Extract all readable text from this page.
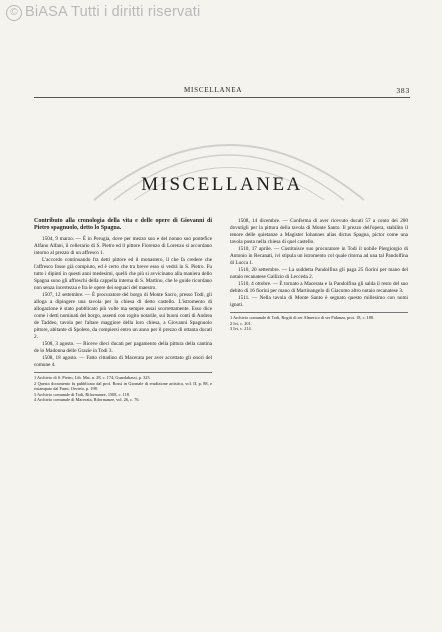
© BiASA Tutti i diritti riservati
MISCELLANEA	383
MISCELLANEA

Contributo alla cronologia della vita e delle opere di Giovanni di Pietro spagnuolo, detto lo Spagna.

1504, 9 marzo. — È in Perugia, dove per mezzo suo e del nonno suo pontefice Alfano Alfani, il cellerario di S. Pietro ed il pittore Fiorenzo di Lorenzo si accordano intorno al prezzo di un affresco 1.

L'accordo continuando fra detti pittore ed il monastero, il che fa credere che l'affresco fosse già compiuto, ed è certo che tra breve esso si vedrà in S. Pietro. Fu tutto i dipinti in questi anni medesimi, quelli che più si avvicinano alla maniera dello Spagna sono gli affreschi della cappella interna di S. Martino, che le guide ricordano non senza incertezza e fra le opere dei seguaci del maestro.

1507, 12 settembre. — È procuratore del borgo di Monte Sacro, presso Todi, gli alloga a dipingere una tavola per la chiesa di detto castello. L'istromento di allogazione è stato pubblicato più volte ma sempre assai scorrettamente. Esso dice come i detti nominati del borgo, assenti con rogito notarile, sui buoni conti di Andrea de Taddeo, tavola per l'altare maggiore della loro chiesa, a Giovanni Spagnuolo pittore, abitante di Spoleto, da compiersi entro un anno per il prezzo di ottanta ducati 2.

1508, 3 agosto. — Riceve dieci ducati per pagamento della pittura della cantina de lo Madonna delle Grazie in Todi 3.

1508, 18 agosto. — Fatto cittadino di Macerata per aver accettato gli onori del comune 4.

1 Archivio di S. Pietro, Lib. Mat. n. 28, c. 174; Guardabassi, p. 323.

2 Questo documento fu pubblicato dal prof. Rossi in Giornale di erudizione artistica, vol. II, p. 88, e ristampato dal Fumi, Orvieto, p. 198.

3 Archivio comunale di Todi, Riformanze, 1508, c. 118.

4 Archivio comunale di Macerata, Riformanze, vol. 26, c. 76.

1508, 14 dicembre. — Conferma di aver ricevuto ducati 57 a conto dei 200 dovutigli per la pittura della tavola di Monte Santo. Il prezzo dell'opera, stabilito il tenore delle quietanze a Magister Iohannes alias dictus Spagna, pictor come una tavola posta nella chiesa di quel castello.

1510, 17 aprile. — Costituisce suo procuratore in Todi il nobile Piergiorgio di Antonio in Recanati, ivi stipula un istromento col quale ritorna ad una tal Pandolfina di Lucca 1.

1510, 20 settembre. — La suddetta Pandolfina gli paga 25 fiorini per mano del notaio recanatese Gallizio di Lecceda 2.

1510, 4 ottobre. — È tornato a Macerata e la Pandolfina gli salda il resto del suo debito di 16 fiorini per mano di Martinangelo di Giacomo altro notaio recanatese 3.

1511. — Nella tavola di Monte Santo è segnato questo millesimo con nomi ignoti.

1 Archivio comunale di Todi, Rogiti di ser Almerico di ser Fidanza, prot. 18, c. 188.

2 Ivi, c. 201.

3 Ivi, c. 214.
